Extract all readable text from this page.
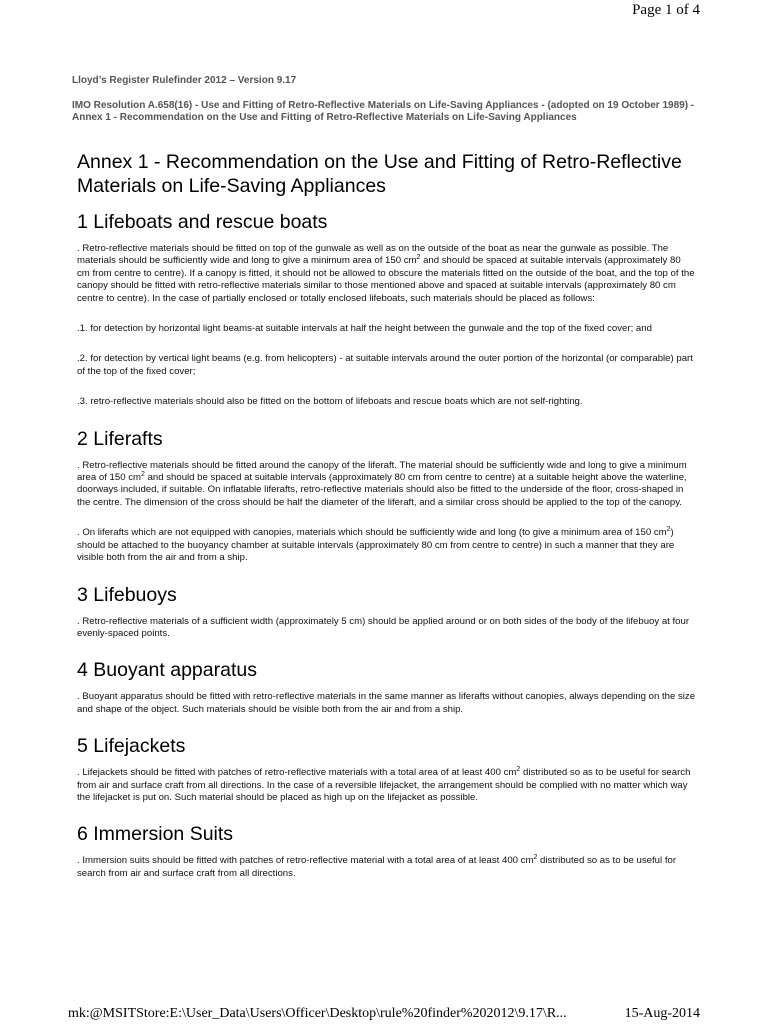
Page 1 of 4
Lloyd’s Register Rulefinder 2012 – Version 9.17
IMO Resolution A.658(16) - Use and Fitting of Retro-Reflective Materials on Life-Saving Appliances - (adopted on 19 October 1989) - Annex 1 - Recommendation on the Use and Fitting of Retro-Reflective Materials on Life-Saving Appliances
Annex 1 - Recommendation on the Use and Fitting of Retro-Reflective Materials on Life-Saving Appliances
1 Lifeboats and rescue boats

. Retro-reflective materials should be fitted on top of the gunwale as well as on the outside of the boat as near the gunwale as possible. The materials should be sufficiently wide and long to give a minimum area of 150 $cm^2$ and should be spaced at suitable intervals (approximately 80 cm from centre to centre). If a canopy is fitted, it should not be allowed to obscure the materials fitted on the outside of the boat, and the top of the canopy should be fitted with retro-reflective materials similar to those mentioned above and spaced at suitable intervals (approximately 80 cm centre to centre). In the case of partially enclosed or totally enclosed lifeboats, such materials should be placed as follows:

.1. for detection by horizontal light beams-at suitable intervals at half the height between the gunwale and the top of the fixed cover; and

.2. for detection by vertical light beams (e.g. from helicopters) - at suitable intervals around the outer portion of the horizontal (or comparable) part of the top of the fixed cover;

.3. retro-reflective materials should also be fitted on the bottom of lifeboats and rescue boats which are not self-righting.

2 Liferafts

. Retro-reflective materials should be fitted around the canopy of the liferaft. The material should be sufficiently wide and long to give a minimum area of 150 $cm^2$ and should be spaced at suitable intervals (approximately 80 cm from centre to centre) at a suitable height above the waterline, doorways included, if suitable. On inflatable liferafts, retro-reflective materials should also be fitted to the underside of the floor, cross-shaped in the centre. The dimension of the cross should be half the diameter of the liferaft, and a similar cross should be applied to the top of the canopy.

. On liferafts which are not equipped with canopies, materials which should be sufficiently wide and long (to give a minimum area of 150 $cm^2$) should be attached to the buoyancy chamber at suitable intervals (approximately 80 cm from centre to centre) in such a manner that they are visible both from the air and from a ship.

3 Lifebuoys

. Retro-reflective materials of a sufficient width (approximately 5 cm) should be applied around or on both sides of the body of the lifebuoy at four evenly-spaced points.

4 Buoyant apparatus

. Buoyant apparatus should be fitted with retro-reflective materials in the same manner as liferafts without canopies, always depending on the size and shape of the object. Such materials should be visible both from the air and from a ship.

5 Lifejackets

. Lifejackets should be fitted with patches of retro-reflective materials with a total area of at least 400 $cm^2$ distributed so as to be useful for search from air and surface craft from all directions. In the case of a reversible lifejacket, the arrangement should be complied with no matter which way the lifejacket is put on. Such material should be placed as high up on the lifejacket as possible.

6 Immersion Suits

. Immersion suits should be fitted with patches of retro-reflective material with a total area of at least 400 $cm^2$ distributed so as to be useful for search from air and surface craft from all directions.

mk:@MSITStore:E:\User_Data\Users\Officer\Desktop\rule%20finder%202012\9.17\R...	15-Aug-2014
